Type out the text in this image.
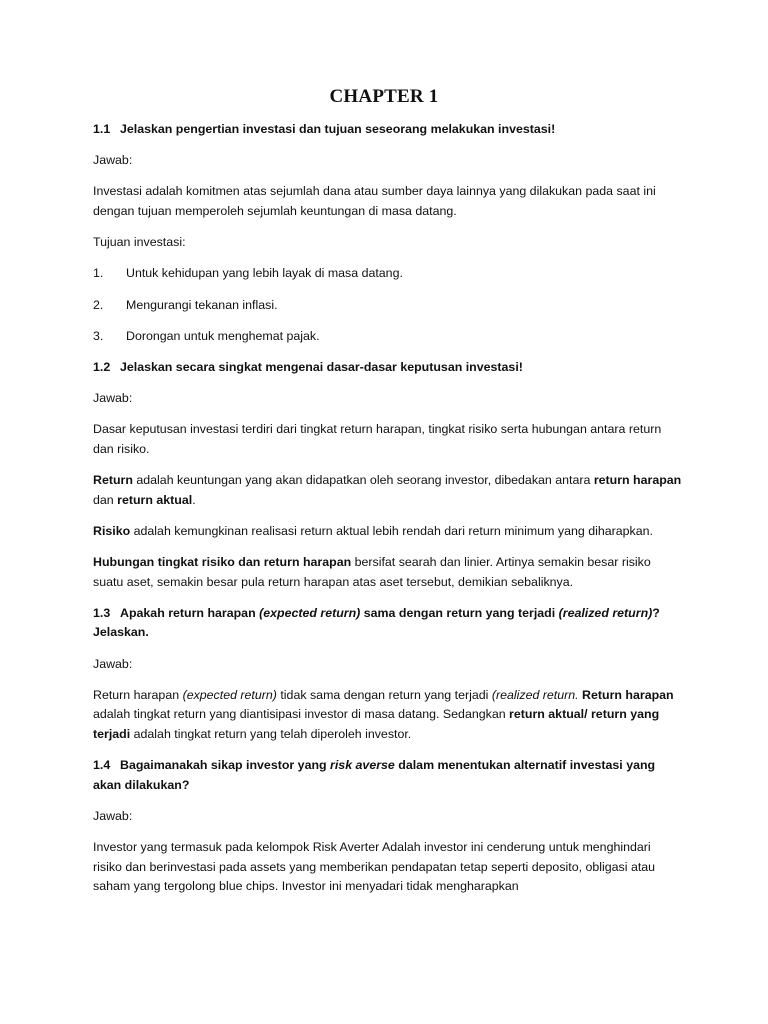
CHAPTER 1

1.1 Jelaskan pengertian investasi dan tujuan seseorang melakukan investasi!

Jawab:

Investasi adalah komitmen atas sejumlah dana atau sumber daya lainnya yang dilakukan pada saat ini dengan tujuan memperoleh sejumlah keuntungan di masa datang.

Tujuan investasi:

1. Untuk kehidupan yang lebih layak di masa datang.

2. Mengurangi tekanan inflasi.

3. Dorongan untuk menghemat pajak.

1.2 Jelaskan secara singkat mengenai dasar-dasar keputusan investasi!

Jawab:

Dasar keputusan investasi terdiri dari tingkat return harapan, tingkat risiko serta hubungan antara return dan risiko.

Return adalah keuntungan yang akan didapatkan oleh seorang investor, dibedakan antara return harapan dan return aktual.

Risiko adalah kemungkinan realisasi return aktual lebih rendah dari return minimum yang diharapkan.

Hubungan tingkat risiko dan return harapan bersifat searah dan linier. Artinya semakin besar risiko suatu aset, semakin besar pula return harapan atas aset tersebut, demikian sebaliknya.

1.3 Apakah return harapan (expected return) sama dengan return yang terjadi (realized return)? Jelaskan.

Jawab:

Return harapan (expected return) tidak sama dengan return yang terjadi (realized return. Return harapan adalah tingkat return yang diantisipasi investor di masa datang. Sedangkan return aktual/ return yang terjadi adalah tingkat return yang telah diperoleh investor.

1.4 Bagaimanakah sikap investor yang risk averse dalam menentukan alternatif investasi yang akan dilakukan?

Jawab:

Investor yang termasuk pada kelompok Risk Averter Adalah investor ini cenderung untuk menghindari risiko dan berinvestasi pada assets yang memberikan pendapatan tetap seperti deposito, obligasi atau saham yang tergolong blue chips. Investor ini menyadari tidak mengharapkan
